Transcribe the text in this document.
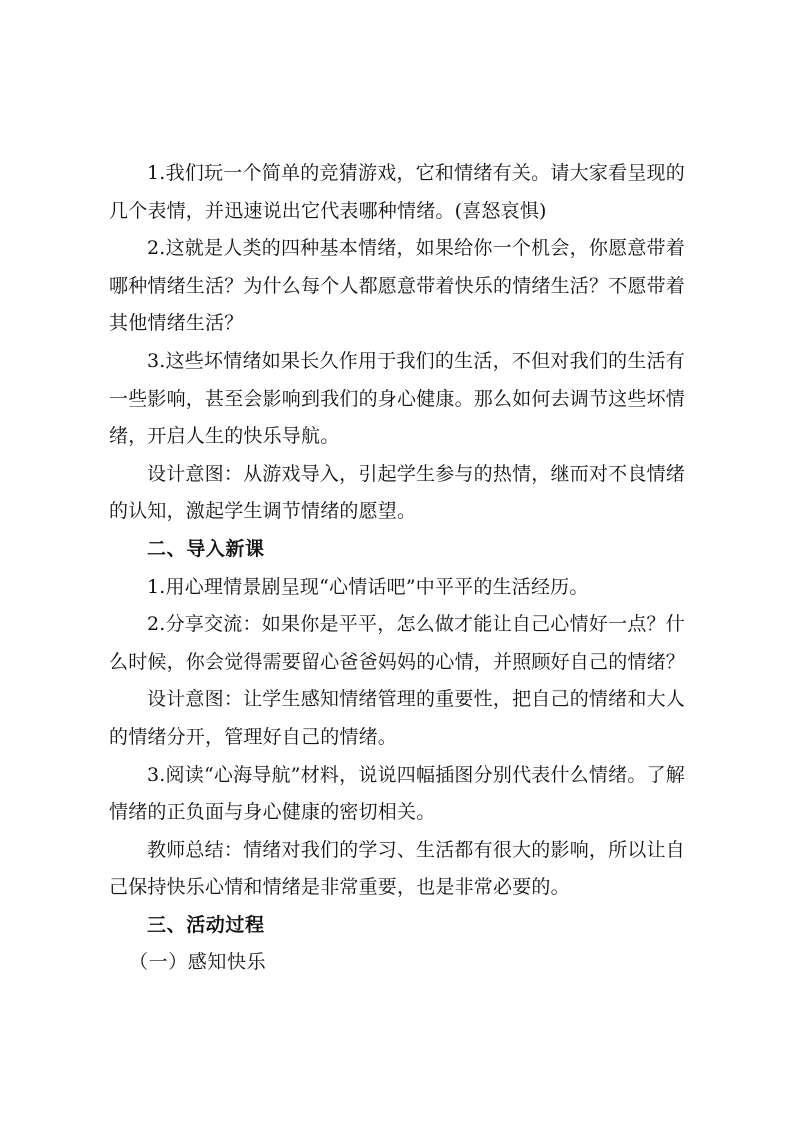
1.我们玩一个简单的竞猜游戏，它和情绪有关。请大家看呈现的几个表情，并迅速说出它代表哪种情绪。(喜怒哀惧)

2.这就是人类的四种基本情绪，如果给你一个机会，你愿意带着哪种情绪生活？为什么每个人都愿意带着快乐的情绪生活？不愿带着其他情绪生活？

3.这些坏情绪如果长久作用于我们的生活，不但对我们的生活有一些影响，甚至会影响到我们的身心健康。那么如何去调节这些坏情绪，开启人生的快乐导航。

设计意图：从游戏导入，引起学生参与的热情，继而对不良情绪的认知，激起学生调节情绪的愿望。

二、导入新课

1.用心理情景剧呈现“心情话吧”中平平的生活经历。

2.分享交流：如果你是平平，怎么做才能让自己心情好一点？什么时候，你会觉得需要留心爸爸妈妈的心情，并照顾好自己的情绪？

设计意图：让学生感知情绪管理的重要性，把自己的情绪和大人的情绪分开，管理好自己的情绪。

3.阅读“心海导航”材料，说说四幅插图分别代表什么情绪。了解情绪的正负面与身心健康的密切相关。

教师总结：情绪对我们的学习、生活都有很大的影响，所以让自己保持快乐心情和情绪是非常重要，也是非常必要的。

三、活动过程

（一）感知快乐
